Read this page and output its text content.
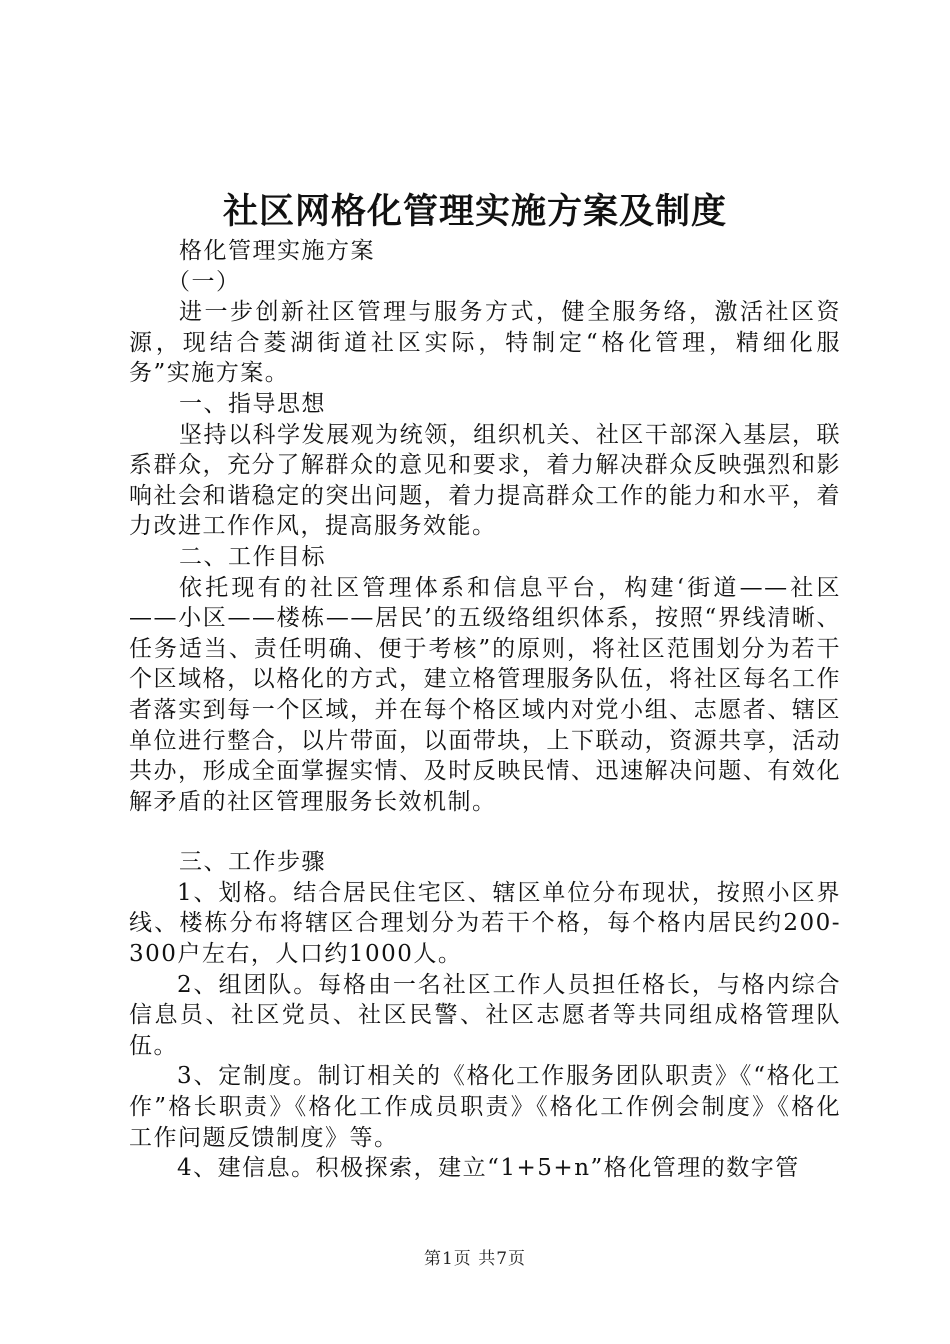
社区网格化管理实施方案及制度

格化管理实施方案

（一）

进一步创新社区管理与服务方式，健全服务络，激活社区资源，现结合菱湖街道社区实际，特制定“格化管理，精细化服务”实施方案。

一、指导思想

坚持以科学发展观为统领，组织机关、社区干部深入基层，联系群众，充分了解群众的意见和要求，着力解决群众反映强烈和影响社会和谐稳定的突出问题，着力提高群众工作的能力和水平，着力改进工作作风，提高服务效能。

二、工作目标

依托现有的社区管理体系和信息平台，构建‘街道——社区——小区——楼栋——居民’的五级络组织体系，按照“界线清晰、任务适当、责任明确、便于考核”的原则，将社区范围划分为若干个区域格，以格化的方式，建立格管理服务队伍，将社区每名工作者落实到每一个区域，并在每个格区域内对党小组、志愿者、辖区单位进行整合，以片带面，以面带块，上下联动，资源共享，活动共办，形成全面掌握实情、及时反映民情、迅速解决问题、有效化解矛盾的社区管理服务长效机制。

三、工作步骤

1、划格。结合居民住宅区、辖区单位分布现状，按照小区界线、楼栋分布将辖区合理划分为若干个格，每个格内居民约200-300户左右，人口约1000人。

2、组团队。每格由一名社区工作人员担任格长，与格内综合信息员、社区党员、社区民警、社区志愿者等共同组成格管理队伍。

3、定制度。制订相关的《格化工作服务团队职责》《“格化工作”格长职责》《格化工作成员职责》《格化工作例会制度》《格化工作问题反馈制度》等。

4、建信息。积极探索，建立“1+5+n”格化管理的数字管

第1页 共7页
